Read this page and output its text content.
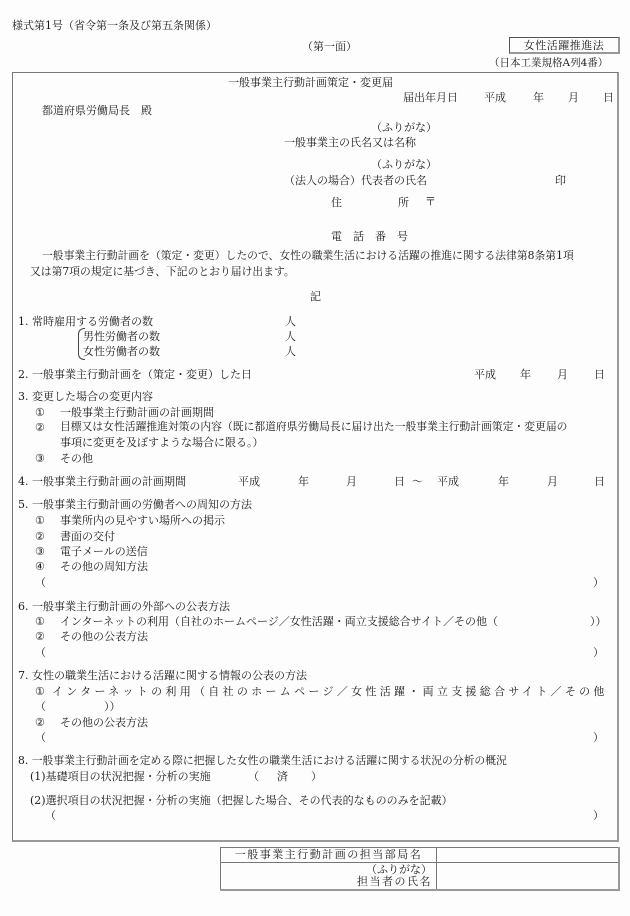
様式第1号（省令第一条及び第五条関係）
（第一面）	女性活躍推進法
（日本工業規格A列4番）
一般事業主行動計画策定・変更届
届出年月日 平成 年 月 日
都道府県労働局長　殿
（ふりがな）
一般事業主の氏名又は名称
（ふりがな）
（法人の場合）代表者の氏名	印
住	所 〒
電　話　番　号
一般事業主行動計画を（策定・変更）したので、女性の職業生活における活躍の推進に関する法律第8条第1項
又は第7項の規定に基づき、下記のとおり届け出ます。
記
1. 常時雇用する労働者の数	人
男性労働者の数	人
女性労働者の数	人
2. 一般事業主行動計画を（策定・変更）した日	平成 年 月 日
3. 変更した場合の変更内容
① 一般事業主行動計画の計画期間
② 目標又は女性活躍推進対策の内容（既に都道府県労働局長に届け出た一般事業主行動計画策定・変更届の
事項に変更を及ぼすような場合に限る。）
③ その他
4. 一般事業主行動計画の計画期間	平成	年	月	日 ～ 平成	年	月	日
5. 一般事業主行動計画の労働者への周知の方法
① 事業所内の見やすい場所への掲示
② 書面の交付
③ 電子メールの送信
④ その他の周知方法
（	）
6. 一般事業主行動計画の外部への公表方法
① インターネットの利用（自社のホームページ／女性活躍・両立支援総合サイト／その他（	））
② その他の公表方法
（	）
7. 女性の職業生活における活躍に関する情報の公表の方法
① インターネットの利用（自社のホームページ／女性活躍・両立支援総合サイト／その他
（	））
② その他の公表方法
（	）
8. 一般事業主行動計画を定める際に把握した女性の職業生活における活躍に関する状況の分析の概況
(1)基礎項目の状況把握・分析の実施	（ 済 ）
(2)選択項目の状況把握・分析の実施（把握した場合、その代表的なもののみを記載）
（	）
一般事業主行動計画の担当部局名	

（ふりがな）
担当者の氏名	
